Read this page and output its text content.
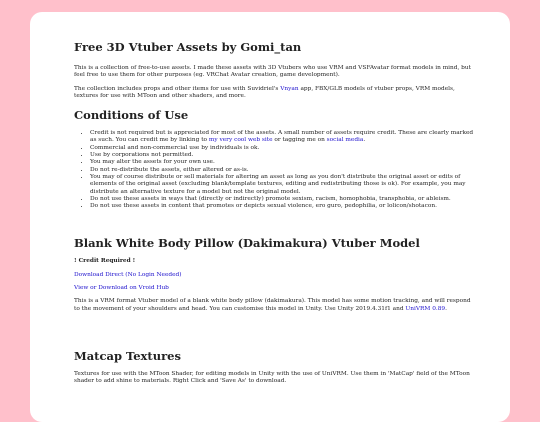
Free 3D Vtuber Assets by Gomi_tan

This is a collection of free-to-use assets. I made these assets with 3D Vtubers who use VRM and VSFAvatar format models in mind, but feel free to use them for other purposes (eg. VRChat Avatar creation, game development).

The collection includes props and other items for use with Suvidriel's Vnyan app, FBX/GLB models of vtuber props, VRM models, textures for use with MToon and other shaders, and more.

Conditions of Use
• Credit is not required but is appreciated for most of the assets. A small number of assets require credit. These are clearly marked as such. You can credit me by linking to my very cool web site or tagging me on social media.
• Commercial and non-commercial use by individuals is ok.
• Use by corporations not permitted.
• You may alter the assets for your own use.
• Do not re-distribute the assets, either altered or as-is.
• You may of course distribute or sell materials for altering an asset as long as you don't distribute the original asset or edits of elements of the original asset (excluding blank/template textures, editing and redistributing those is ok). For example, you may distribute an alternative texture for a model but not the original model.
• Do not use these assets in ways that (directly or indirectly) promote sexism, racism, homophobia, transphobia, or ableism.
• Do not use these assets in content that promotes or depicts sexual violence, ero guro, pedophilia, or lolicon/shotacon.
Blank White Body Pillow (Dakimakura) Vtuber Model

! Credit Required !

Download Direct (No Login Needed)

View or Download on Vroid Hub

This is a VRM format Vtuber model of a blank white body pillow (dakimakura). This model has some motion tracking, and will respond to the movement of your shoulders and head. You can customise this model in Unity. Use Unity 2019.4.31f1 and UniVRM 0.89.

Matcap Textures

Textures for use with the MToon Shader, for editing models in Unity with the use of UniVRM. Use them in 'MatCap' field of the MToon shader to add shine to materials. Right Click and 'Save As' to download.
